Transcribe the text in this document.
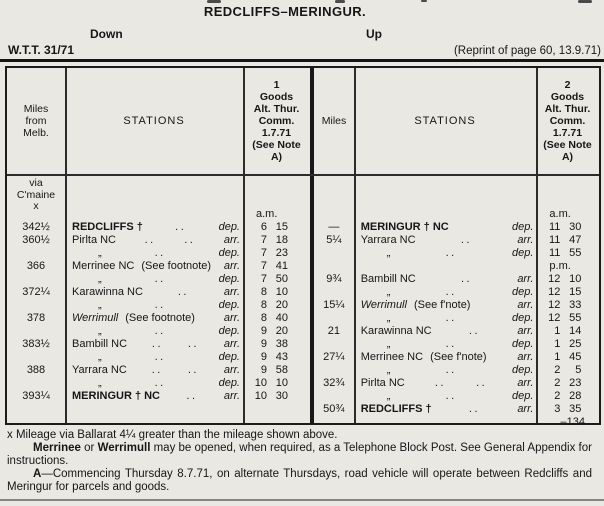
REDCLIFFS–MERINGUR.
Down	Up
W.T.T. 31/71	(Reprint of page 60, 13.9.71)
Miles
from
Melb.
STATIONS
1
Goods
Alt. Thur.
Comm.
1.7.71
(See Note
A)
Miles	STATIONS
2
Goods
Alt. Thur.
Comm.
1.7.71
(See Note
A)
via
C'maine
x
a.m.
342½	REDCLIFFS †	..	dep.	6 15
360½	Pirlta NC	..	..	arr.	7 18
„	..	dep.	7 23
366	Merrinee NC (See footnote) arr.	7 41
„	..	dep.	7 50
372¼	Karawinna NC	..	arr.	8 10
„	..	dep.	8 20
378	Werrimull (See footnote)	arr.	8 40
„	..	dep.	9 20
383½	Bambill NC .. .. arr.	9 38
„	..	dep.	9 43
388	Yarrara NC .. .. arr.	9 58
„	..	dep.	10 10
393¼	MERINGUR † NC .. arr.	10 30
a.m.
—	MERINGUR † NC	dep.	11 30
5¼	Yarrara NC	..	arr.	11 47
„	..	dep.	11 55
p.m.
9¾	Bambill NC	..	arr.	12 10
„	..	dep.	12 15
15¼	Werrimull (See f'note)	arr.	12 33
„	..	dep.	12 55
21	Karawinna NC	..	arr.	1 14
„	..	dep.	1 25
27¼	Merrinee NC (See f'note)	arr.	1 45
„	..	dep.	2	5
32¾	Pirlta NC	..	..	arr.	2 23
„	..	dep.	2 28
50¾	REDCLIFFS †	..	arr.	3 35
–134

x Mileage via Ballarat 4¼ greater than the mileage shown above.

Merrinee or Werrimull may be opened, when required, as a Telephone Block Post. See General Appendix for instructions.

A—Commencing Thursday 8.7.71, on alternate Thursdays, road vehicle will operate between Redcliffs and Meringur for parcels and goods.
